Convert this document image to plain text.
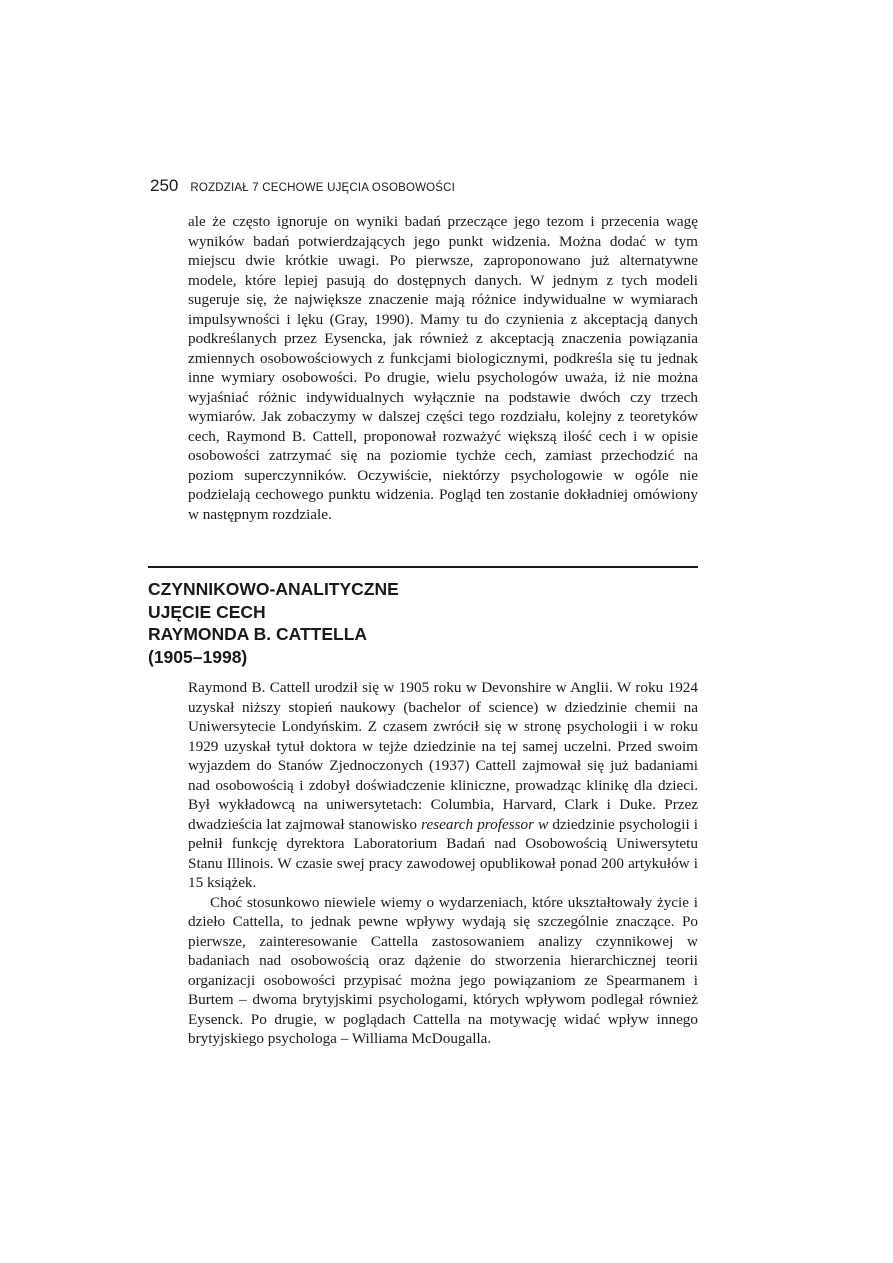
250 ROZDZIAŁ 7 CECHOWE UJĘCIA OSOBOWOŚCI

ale że często ignoruje on wyniki badań przeczące jego tezom i przecenia wagę wyników badań potwierdzających jego punkt widzenia. Można dodać w tym miejscu dwie krótkie uwagi. Po pierwsze, zaproponowano już alternatywne modele, które lepiej pasują do dostępnych danych. W jednym z tych modeli sugeruje się, że największe znaczenie mają różnice indywidualne w wymiarach impulsywności i lęku (Gray, 1990). Mamy tu do czynienia z akceptacją danych podkreślanych przez Eysencka, jak również z akceptacją znaczenia powiązania zmiennych osobowościowych z funkcjami biologicznymi, podkreśla się tu jednak inne wymiary osobowości. Po drugie, wielu psychologów uważa, iż nie można wyjaśniać różnic indywidualnych wyłącznie na podstawie dwóch czy trzech wymiarów. Jak zobaczymy w dalszej części tego rozdziału, kolejny z teoretyków cech, Raymond B. Cattell, proponował rozważyć większą ilość cech i w opisie osobowości zatrzymać się na poziomie tychże cech, zamiast przechodzić na poziom superczynników. Oczywiście, niektórzy psychologowie w ogóle nie podzielają cechowego punktu widzenia. Pogląd ten zostanie dokładniej omówiony w następnym rozdziale.

CZYNNIKOWO-ANALITYCZNE
UJĘCIE CECH
RAYMONDA B. CATTELLA
(1905–1998)

Raymond B. Cattell urodził się w 1905 roku w Devonshire w Anglii. W roku 1924 uzyskał niższy stopień naukowy (bachelor of science) w dziedzinie chemii na Uniwersytecie Londyńskim. Z czasem zwrócił się w stronę psychologii i w roku 1929 uzyskał tytuł doktora w tejże dziedzinie na tej samej uczelni. Przed swoim wyjazdem do Stanów Zjednoczonych (1937) Cattell zajmował się już badaniami nad osobowością i zdobył doświadczenie kliniczne, prowadząc klinikę dla dzieci. Był wykładowcą na uniwersytetach: Columbia, Harvard, Clark i Duke. Przez dwadzieścia lat zajmował stanowisko research professor w dziedzinie psychologii i pełnił funkcję dyrektora Laboratorium Badań nad Osobowością Uniwersytetu Stanu Illinois. W czasie swej pracy zawodowej opublikował ponad 200 artykułów i 15 książek.

Choć stosunkowo niewiele wiemy o wydarzeniach, które ukształtowały życie i dzieło Cattella, to jednak pewne wpływy wydają się szczególnie znaczące. Po pierwsze, zainteresowanie Cattella zastosowaniem analizy czynnikowej w badaniach nad osobowością oraz dążenie do stworzenia hierarchicznej teorii organizacji osobowości przypisać można jego powiązaniom ze Spearmanem i Burtem – dwoma brytyjskimi psychologami, których wpływom podlegał również Eysenck. Po drugie, w poglądach Cattella na motywację widać wpływ innego brytyjskiego psychologa – Williama McDougalla.
